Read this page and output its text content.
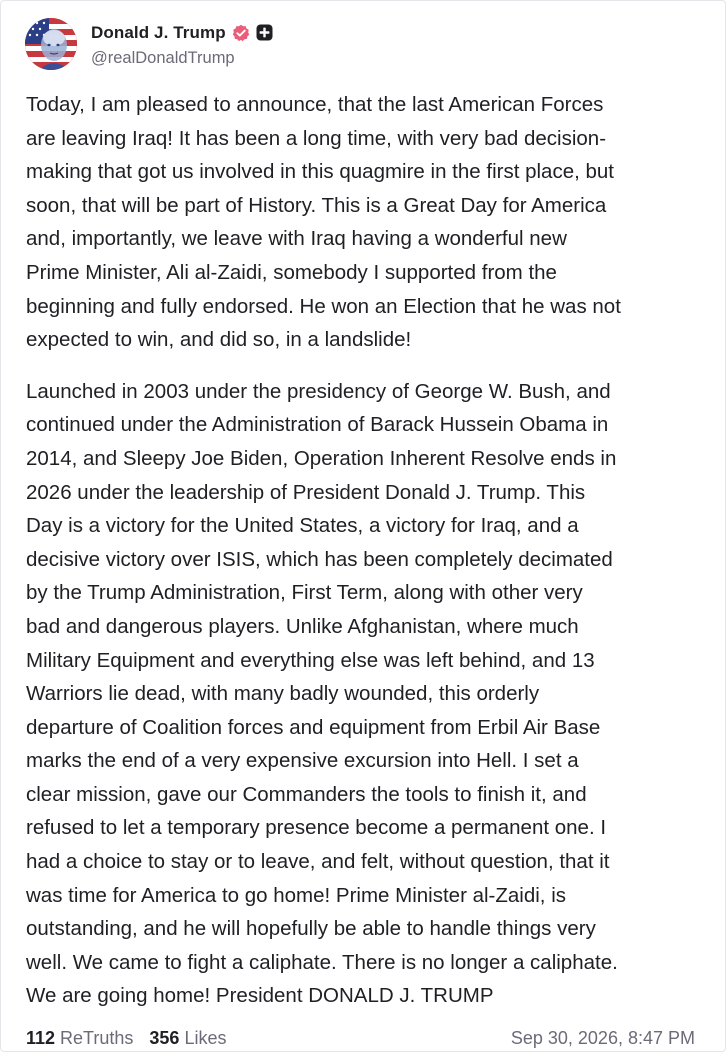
Donald J. Trump
@realDonaldTrump

Today, I am pleased to announce, that the last American Forces
are leaving Iraq! It has been a long time, with very bad decision-
making that got us involved in this quagmire in the first place, but
soon, that will be part of History. This is a Great Day for America
and, importantly, we leave with Iraq having a wonderful new
Prime Minister, Ali al-Zaidi, somebody I supported from the
beginning and fully endorsed. He won an Election that he was not
expected to win, and did so, in a landslide!

Launched in 2003 under the presidency of George W. Bush, and
continued under the Administration of Barack Hussein Obama in
2014, and Sleepy Joe Biden, Operation Inherent Resolve ends in
2026 under the leadership of President Donald J. Trump. This
Day is a victory for the United States, a victory for Iraq, and a
decisive victory over ISIS, which has been completely decimated
by the Trump Administration, First Term, along with other very
bad and dangerous players. Unlike Afghanistan, where much
Military Equipment and everything else was left behind, and 13
Warriors lie dead, with many badly wounded, this orderly
departure of Coalition forces and equipment from Erbil Air Base
marks the end of a very expensive excursion into Hell. I set a
clear mission, gave our Commanders the tools to finish it, and
refused to let a temporary presence become a permanent one. I
had a choice to stay or to leave, and felt, without question, that it
was time for America to go home! Prime Minister al-Zaidi, is
outstanding, and he will hopefully be able to handle things very
well. We came to fight a caliphate. There is no longer a caliphate.
We are going home! President DONALD J. TRUMP

112 ReTruths 356 Likes	Sep 30, 2026, 8:47 PM
